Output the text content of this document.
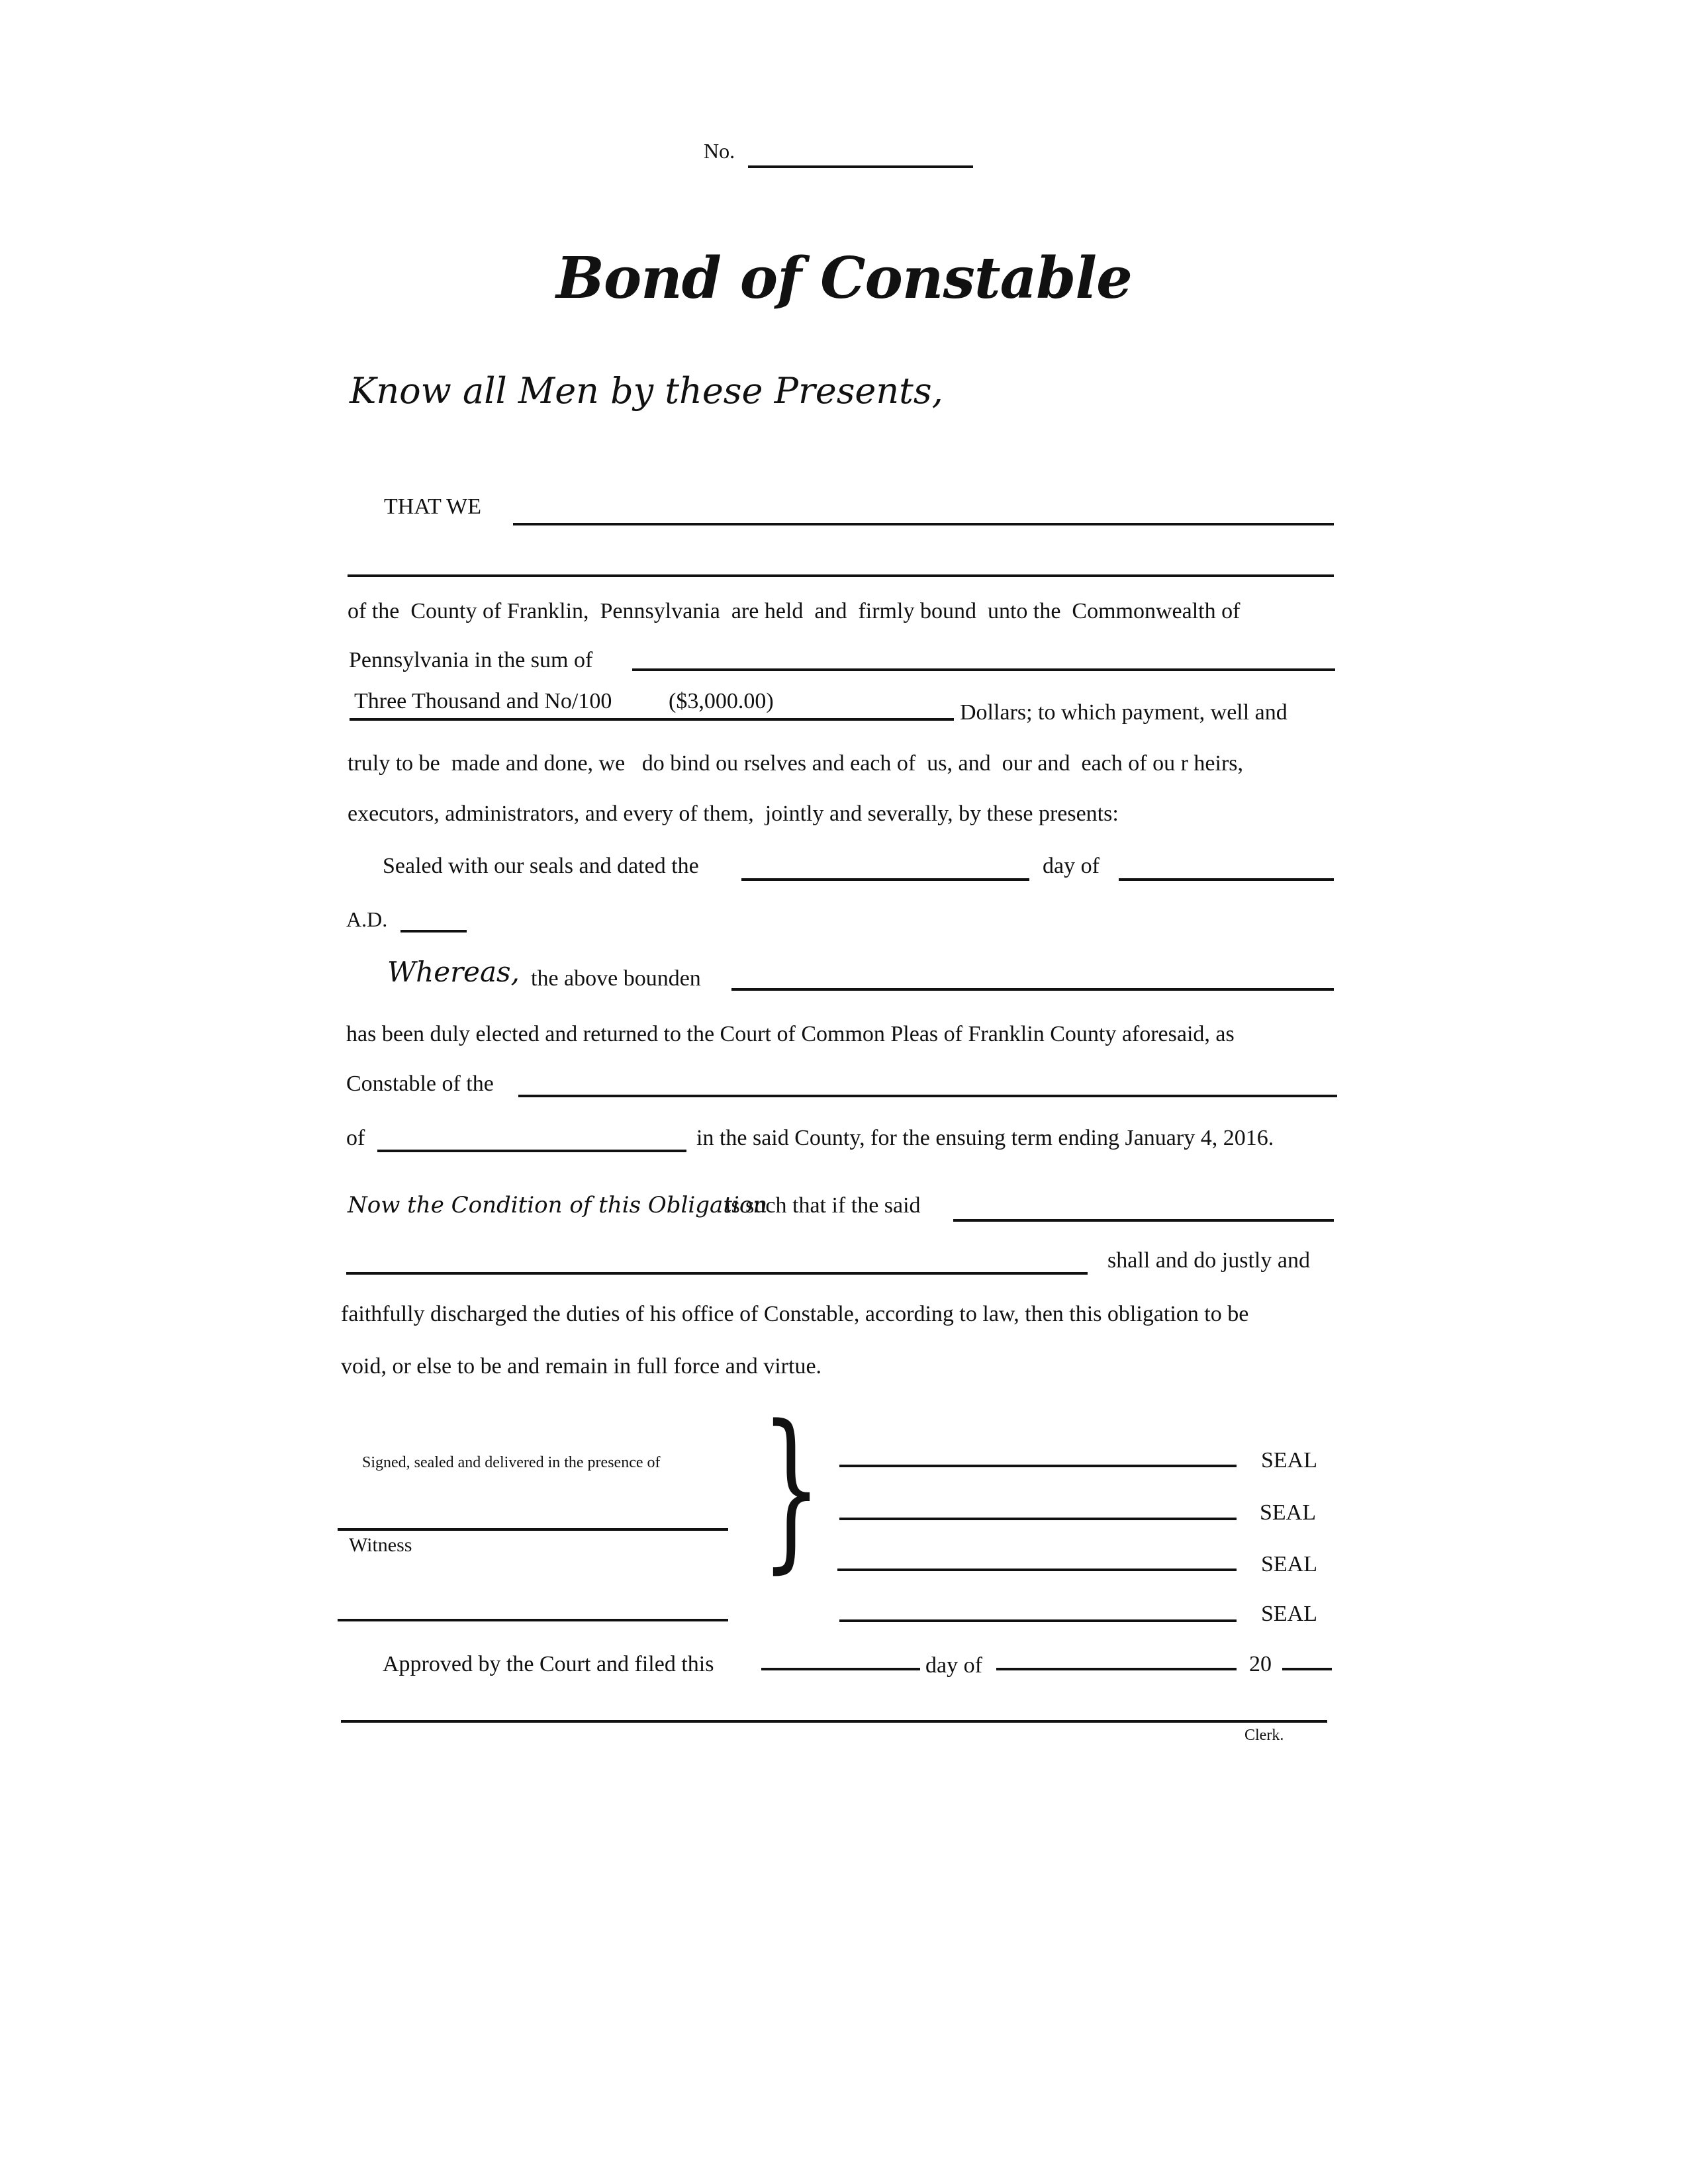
No.
Bond of Constable
Know all Men by these Presents,
THAT WE
of the  County of Franklin,  Pennsylvania  are held  and  firmly bound  unto the  Commonwealth of
Pennsylvania in the sum of
Three Thousand and No/100	($3,000.00)	Dollars; to which payment, well and
truly to be  made and done, we   do bind ou rselves and each of  us, and  our and  each of ou r heirs,
executors, administrators, and every of them,  jointly and severally, by these presents:
Sealed with our seals and dated the	day of
A.D.
Whereas, the above bounden
has been duly elected and returned to the Court of Common Pleas of Franklin County aforesaid, as
Constable of the
of	in the said County, for the ensuing term ending January 4, 2016.
Now the Condition of this Obligation
is such that if the said
shall and do justly and
faithfully discharged the duties of his office of Constable, according to law, then this obligation to be
void, or else to be and remain in full force and virtue.
Signed, sealed and delivered in the presence of
Witness }	SEAL
SEAL
SEAL
SEAL
Approved by the Court and filed this	day of	20
Clerk.
